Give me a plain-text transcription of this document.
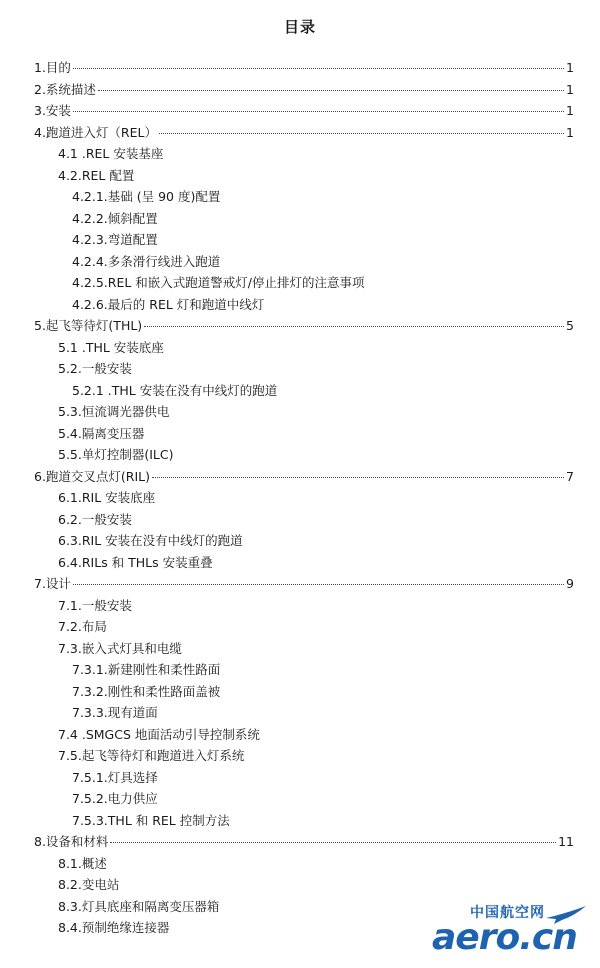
目录
1.目的	1
2.系统描述	1
3.安装	1
4.跑道进入灯（REL）	1
4.1 .REL 安装基座
4.2.REL 配置
4.2.1.基础 (呈 90 度)配置
4.2.2.倾斜配置
4.2.3.弯道配置
4.2.4.多条滑行线进入跑道
4.2.5.REL 和嵌入式跑道警戒灯/停止排灯的注意事项
4.2.6.最后的 REL 灯和跑道中线灯
5.起飞等待灯(THL)	5
5.1 .THL 安装底座
5.2.一般安装
5.2.1 .THL 安装在没有中线灯的跑道
5.3.恒流调光器供电
5.4.隔离变压器
5.5.单灯控制器(ILC)
6.跑道交叉点灯(RIL)	7
6.1.RIL 安装底座
6.2.一般安装
6.3.RIL 安装在没有中线灯的跑道
6.4.RILs 和 THLs 安装重叠
7.设计	9
7.1.一般安装
7.2.布局
7.3.嵌入式灯具和电缆
7.3.1.新建刚性和柔性路面
7.3.2.刚性和柔性路面盖被
7.3.3.现有道面
7.4 .SMGCS 地面活动引导控制系统
7.5.起飞等待灯和跑道进入灯系统
7.5.1.灯具选择
7.5.2.电力供应
7.5.3.THL 和 REL 控制方法
8.设备和材料	11
8.1.概述
8.2.变电站
8.3.灯具底座和隔离变压器箱
8.4.预制绝缘连接器
中国航空网
aero.cn
